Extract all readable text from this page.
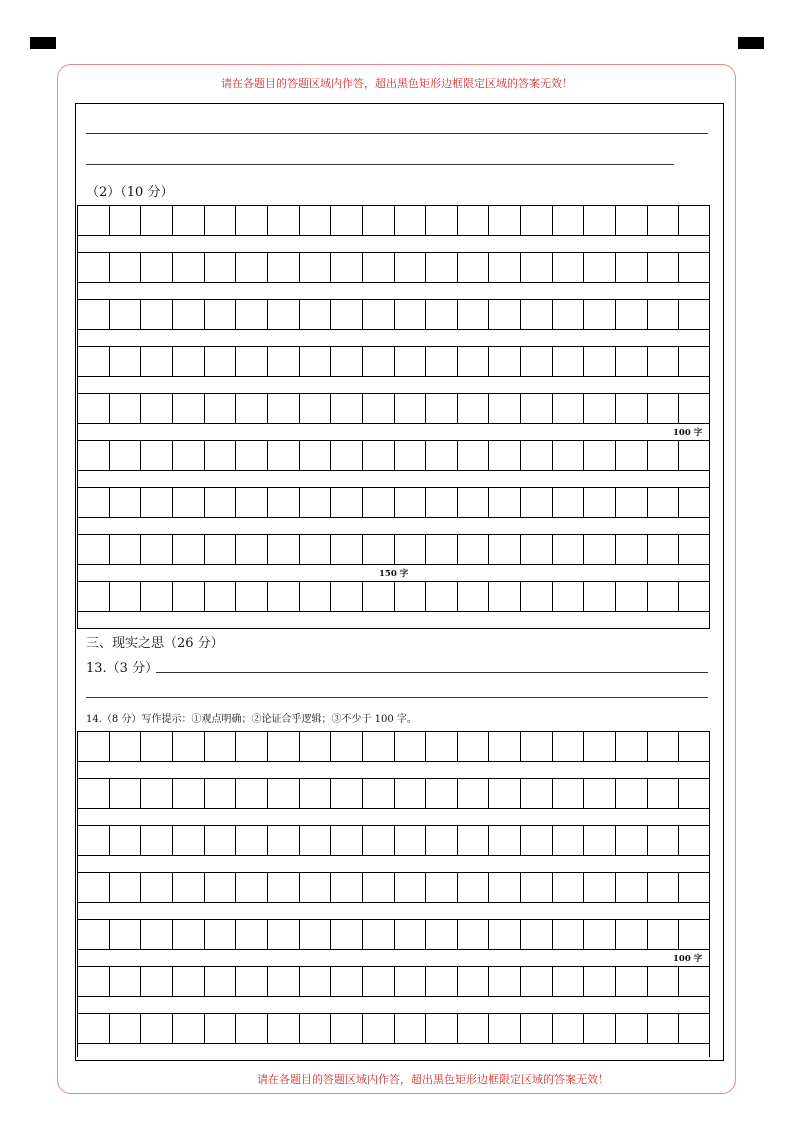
请在各题目的答题区域内作答，超出黑色矩形边框限定区域的答案无效！
请在各题目的答题区域内作答，超出黑色矩形边框限定区域的答案无效！
（2）（10 分）
100 字
150 字
三、现实之思（26 分）
13.（3 分）
14.（8 分）写作提示：①观点明确；②论证合乎逻辑；③不少于 100 字。
100 字
